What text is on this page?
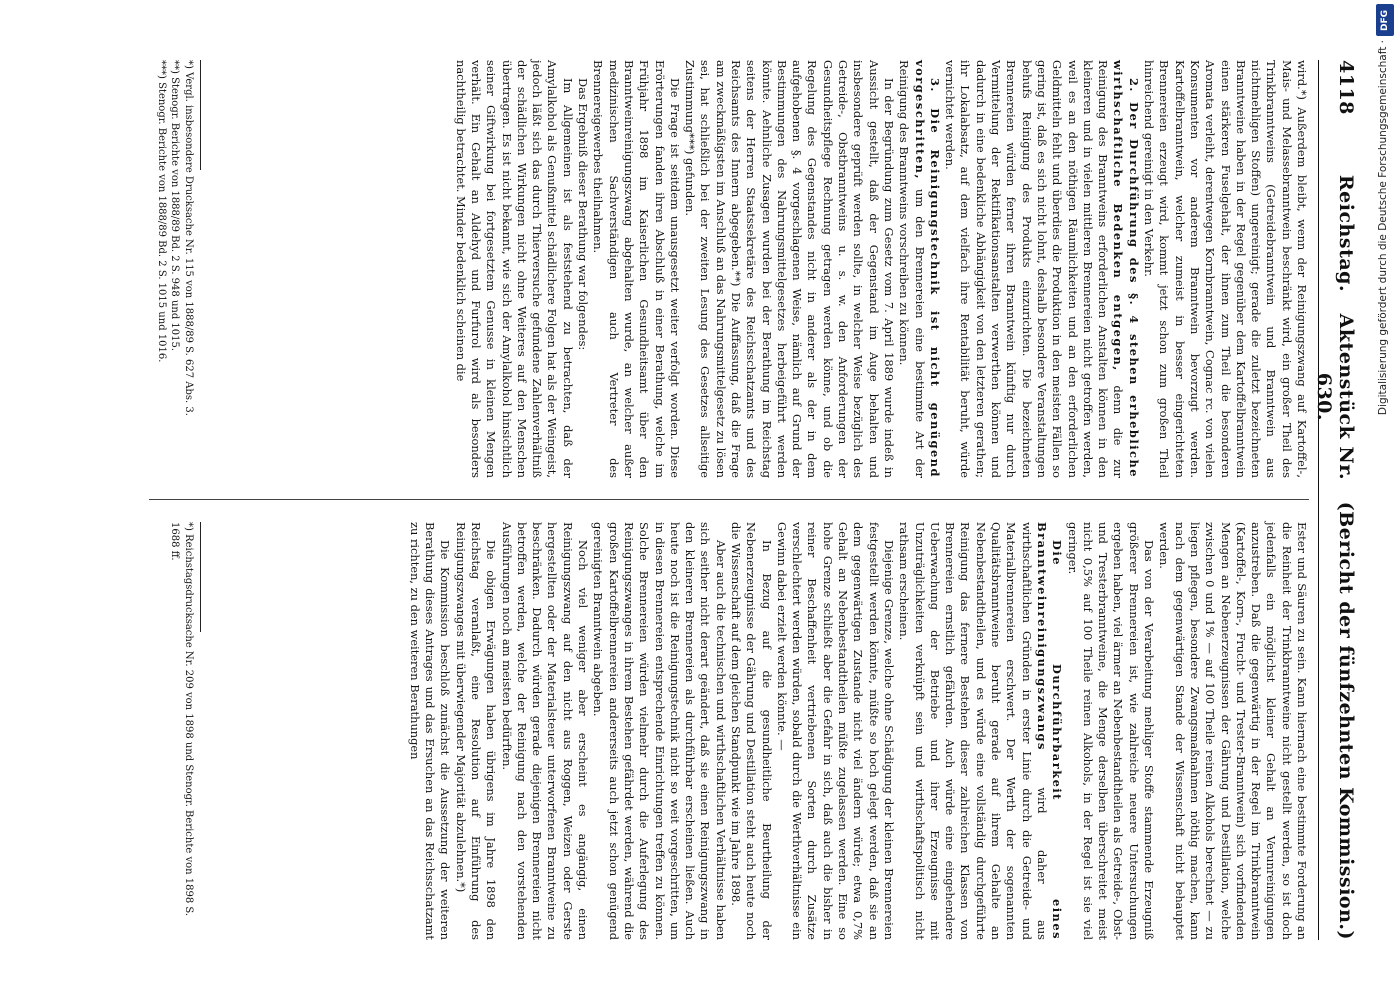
4118
Reichstag.
Aktenstück Nr. 630.
(Bericht der fünfzehnten Kommission.)

wird.*) Außerdem bleibt, wenn der Reinigungszwang auf Kartoffel-, Mais- und Melassebranntwein beschränkt wird, ein großer Theil des Trinkbranntweins (Getreidebranntwein und Branntwein aus nichtmehligen Stoffen) ungereinigt; gerade die zuletzt bezeichneten Branntweine haben in der Regel gegenüber dem Kartoffelbranntwein einen stärkeren Fuselgehalt, der ihnen zum Theil die besonderen Aromata verleiht, derentwegen Kornbranntwein, Cognac rc. von vielen Konsumenten vor anderem Branntwein bevorzugt werden. Kartoffelbranntwein, welcher zumeist in besser eingerichteten Brennereien erzeugt wird, kommt jetzt schon zum großen Theil hinreichend gereinigt in den Verkehr.

2. Der Durchführung des §. 4 stehen erhebliche wirthschaftliche Bedenken entgegen, denn die zur Reinigung des Branntweins erforderlichen Anstalten können in den kleineren und in vielen mittleren Brennereien nicht getroffen werden, weil es an den nöthigen Räumlichkeiten und an den erforderlichen Geldmitteln fehlt und überdies die Produktion in den meisten Fällen so gering ist, daß es sich nicht lohnt, deshalb besondere Veranstaltungen behufs Reinigung des Produkts einzurichten. Die bezeichneten Brennereien würden ferner ihren Branntwein künftig nur durch Vermittelung der Rektifikationsanstalten verwerthen können und dadurch in eine bedenkliche Abhängigkeit von den letzteren gerathen; ihr Lokalabsatz, auf dem vielfach ihre Rentabilität beruht, würde vernichtet werden.

3. Die Reinigungstechnik ist nicht genügend vorgeschritten, um den Brennereien eine bestimmte Art der Reinigung des Branntweins vorschreiben zu können.

In der Begründung zum Gesetz vom 7. April 1889 wurde indeß in Aussicht gestellt, daß der Gegenstand im Auge behalten und insbesondere geprüft werden sollte, in welcher Weise bezüglich des Getreide-, Obstbranntweins u. s. w. den Anforderungen der Gesundheitspflege Rechnung getragen werden könne, und ob die Regelung des Gegenstandes nicht in anderer als der in dem aufgehobenen §. 4 vorgeschlagenen Weise, nämlich auf Grund der Bestimmungen des Nahrungsmittelgesetzes herbeigeführt werden könnte. Aehnliche Zusagen wurden bei der Berathung im Reichstag seitens der Herren Staatssekretäre des Reichsschatzamts und des Reichsamts des Innern abgegeben.**) Die Auffassung, daß die Frage am zweckmäßigsten im Anschluß an das Nahrungsmittelgesetz zu lösen sei, hat schließlich bei der zweiten Lesung des Gesetzes allseitige Zustimmung***) gefunden.

Die Frage ist seitdem unausgesetzt weiter verfolgt worden. Diese Erörterungen fanden ihren Abschluß in einer Berathung, welche im Frühjahr 1898 im Kaiserlichen Gesundheitsamt über den Branntweinreinigungszwang abgehalten wurde, an welcher außer medizinischen Sachverständigen auch Vertreter des Brennereigewerbes theilnahmen.

Das Ergebniß dieser Berathung war folgendes:

Im Allgemeinen ist als feststehend zu betrachten, daß der Amylalkohol als Genußmittel schädlichere Folgen hat als der Weingeist, jedoch läßt sich das durch Thierversuche gefundene Zahlenverhältniß der schädlichen Wirkungen nicht ohne Weiteres auf den Menschen übertragen. Es ist nicht bekannt, wie sich der Amylalkohol hinsichtlich seiner Giftwirkung bei fortgesetztem Genusse in kleinen Mengen verhält. Ein Gehalt an Aldehyd und Furfurol wird als besonders nachtheilig betrachtet. Minder bedenklich scheinen die

Ester und Säuren zu sein. Kann hiernach eine bestimmte Forderung an die Reinheit der Trinkbranntweine nicht gestellt werden, so ist doch jedenfalls ein möglichst kleiner Gehalt an Verunreinigungen anzustreben. Daß die gegenwärtig in der Regel im Trinkbranntwein (Kartoffel-, Korn-, Frucht- und Trester-Branntwein) sich vorfindenden Mengen an Nebenerzeugnissen der Gährung und Destillation, welche zwischen 0 und 1% — auf 100 Theile reinen Alkohols berechnet — zu liegen pflegen, besondere Zwangsmaßnahmen nöthig machen, kann nach dem gegenwärtigen Stande der Wissenschaft nicht behauptet werden.

Das von der Verarbeitung mehliger Stoffe stammende Erzeugniß größerer Brennereien ist, wie zahlreiche neuere Untersuchungen ergeben haben, viel ärmer an Nebenbestandtheilen als Getreide-, Obst- und Tresterbranntweine, die Menge derselben überschreitet meist nicht 0,5% auf 100 Theile reinen Alkohols, in der Regel ist sie viel geringer.

Die Durchführbarkeit eines Branntweinreinigungszwangs wird daher aus wirthschaftlichen Gründen in erster Linie durch die Getreide- und Materialbrennereien erschwert. Der Werth der sogenannten Qualitätsbranntweine beruht gerade auf ihrem Gehalte an Nebenbestandtheilen, und es würde eine vollständig durchgeführte Reinigung das fernere Bestehen dieser zahlreichen Klassen von Brennereien ernstlich gefährden. Auch würde eine eingehendere Ueberwachung der Betriebe und ihrer Erzeugnisse mit Unzuträglichkeiten verknüpft sein und wirthschaftspolitisch nicht rathsam erscheinen.

Diejenige Grenze, welche ohne Schädigung der kleinen Brennereien festgestellt werden könnte, müßte so hoch gelegt werden, daß sie an dem gegenwärtigen Zustande nicht viel ändern würde; etwa 0,7% Gehalt an Nebenbestandtheilen müßte zugelassen werden. Eine so hohe Grenze schließt aber die Gefahr in sich, daß auch die bisher in reiner Beschaffenheit vertriebenen Sorten durch Zusätze verschlechtert werden würden, sobald durch die Werthverhältnisse ein Gewinn dabei erzielt werden könnte. —

In Bezug auf die gesundheitliche Beurtheilung der Nebenerzeugnisse der Gährung und Destillation steht auch heute noch die Wissenschaft auf dem gleichen Standpunkt wie im Jahre 1898.

Aber auch die technischen und wirthschaftlichen Verhältnisse haben sich seither nicht derart geändert, daß sie einen Reinigungszwang in den kleineren Brennereien als durchführbar erscheinen ließen. Auch heute noch ist die Reinigungstechnik nicht so weit vorgeschritten, um in diesen Brennereien entsprechende Einrichtungen treffen zu können. Solche Brennereien würden vielmehr durch die Auferlegung des Reinigungszwanges in ihrem Bestehen gefährdet werden, während die großen Kartoffelbrennereien andererseits auch jetzt schon genügend gereinigten Branntwein abgeben.

Noch viel weniger aber erscheint es angängig, einen Reinigungszwang auf den nicht aus Roggen, Weizen oder Gerste hergestellten oder der Materialsteuer unterworfenen Branntweine zu beschränken. Dadurch würden gerade diejenigen Brennereien nicht betroffen werden, welche der Reinigung nach den vorstehenden Ausführungen noch am meisten bedürften.

Die obigen Erwägungen haben übrigens im Jahre 1898 den Reichstag veranlaßt, eine Resolution auf Einführung des Reinigungszwanges mit überwiegender Majorität abzulehnen.*)

Die Kommission beschloß zunächst die Aussetzung der weiteren Berathung dieses Antrages und das Ersuchen an das Reichsschatzamt zu richten, zu den weiteren Berathungen

*) Vergl. insbesondere Drucksache Nr. 115 von 1888/89 S. 627 Abs. 3.

**) Stenogr. Berichte von 1888/89 Bd. 2 S. 948 und 1015.

***) Stenogr. Berichte von 1888/89 Bd. 2 S. 1015 und 1016.

*) Reichstagsdrucksache Nr. 209 von 1898 und Stenogr. Berichte von 1898 S. 1688 ff.

DFG
Digitalisierung gefördert durch die Deutsche Forschungsgemeinschaft ·
